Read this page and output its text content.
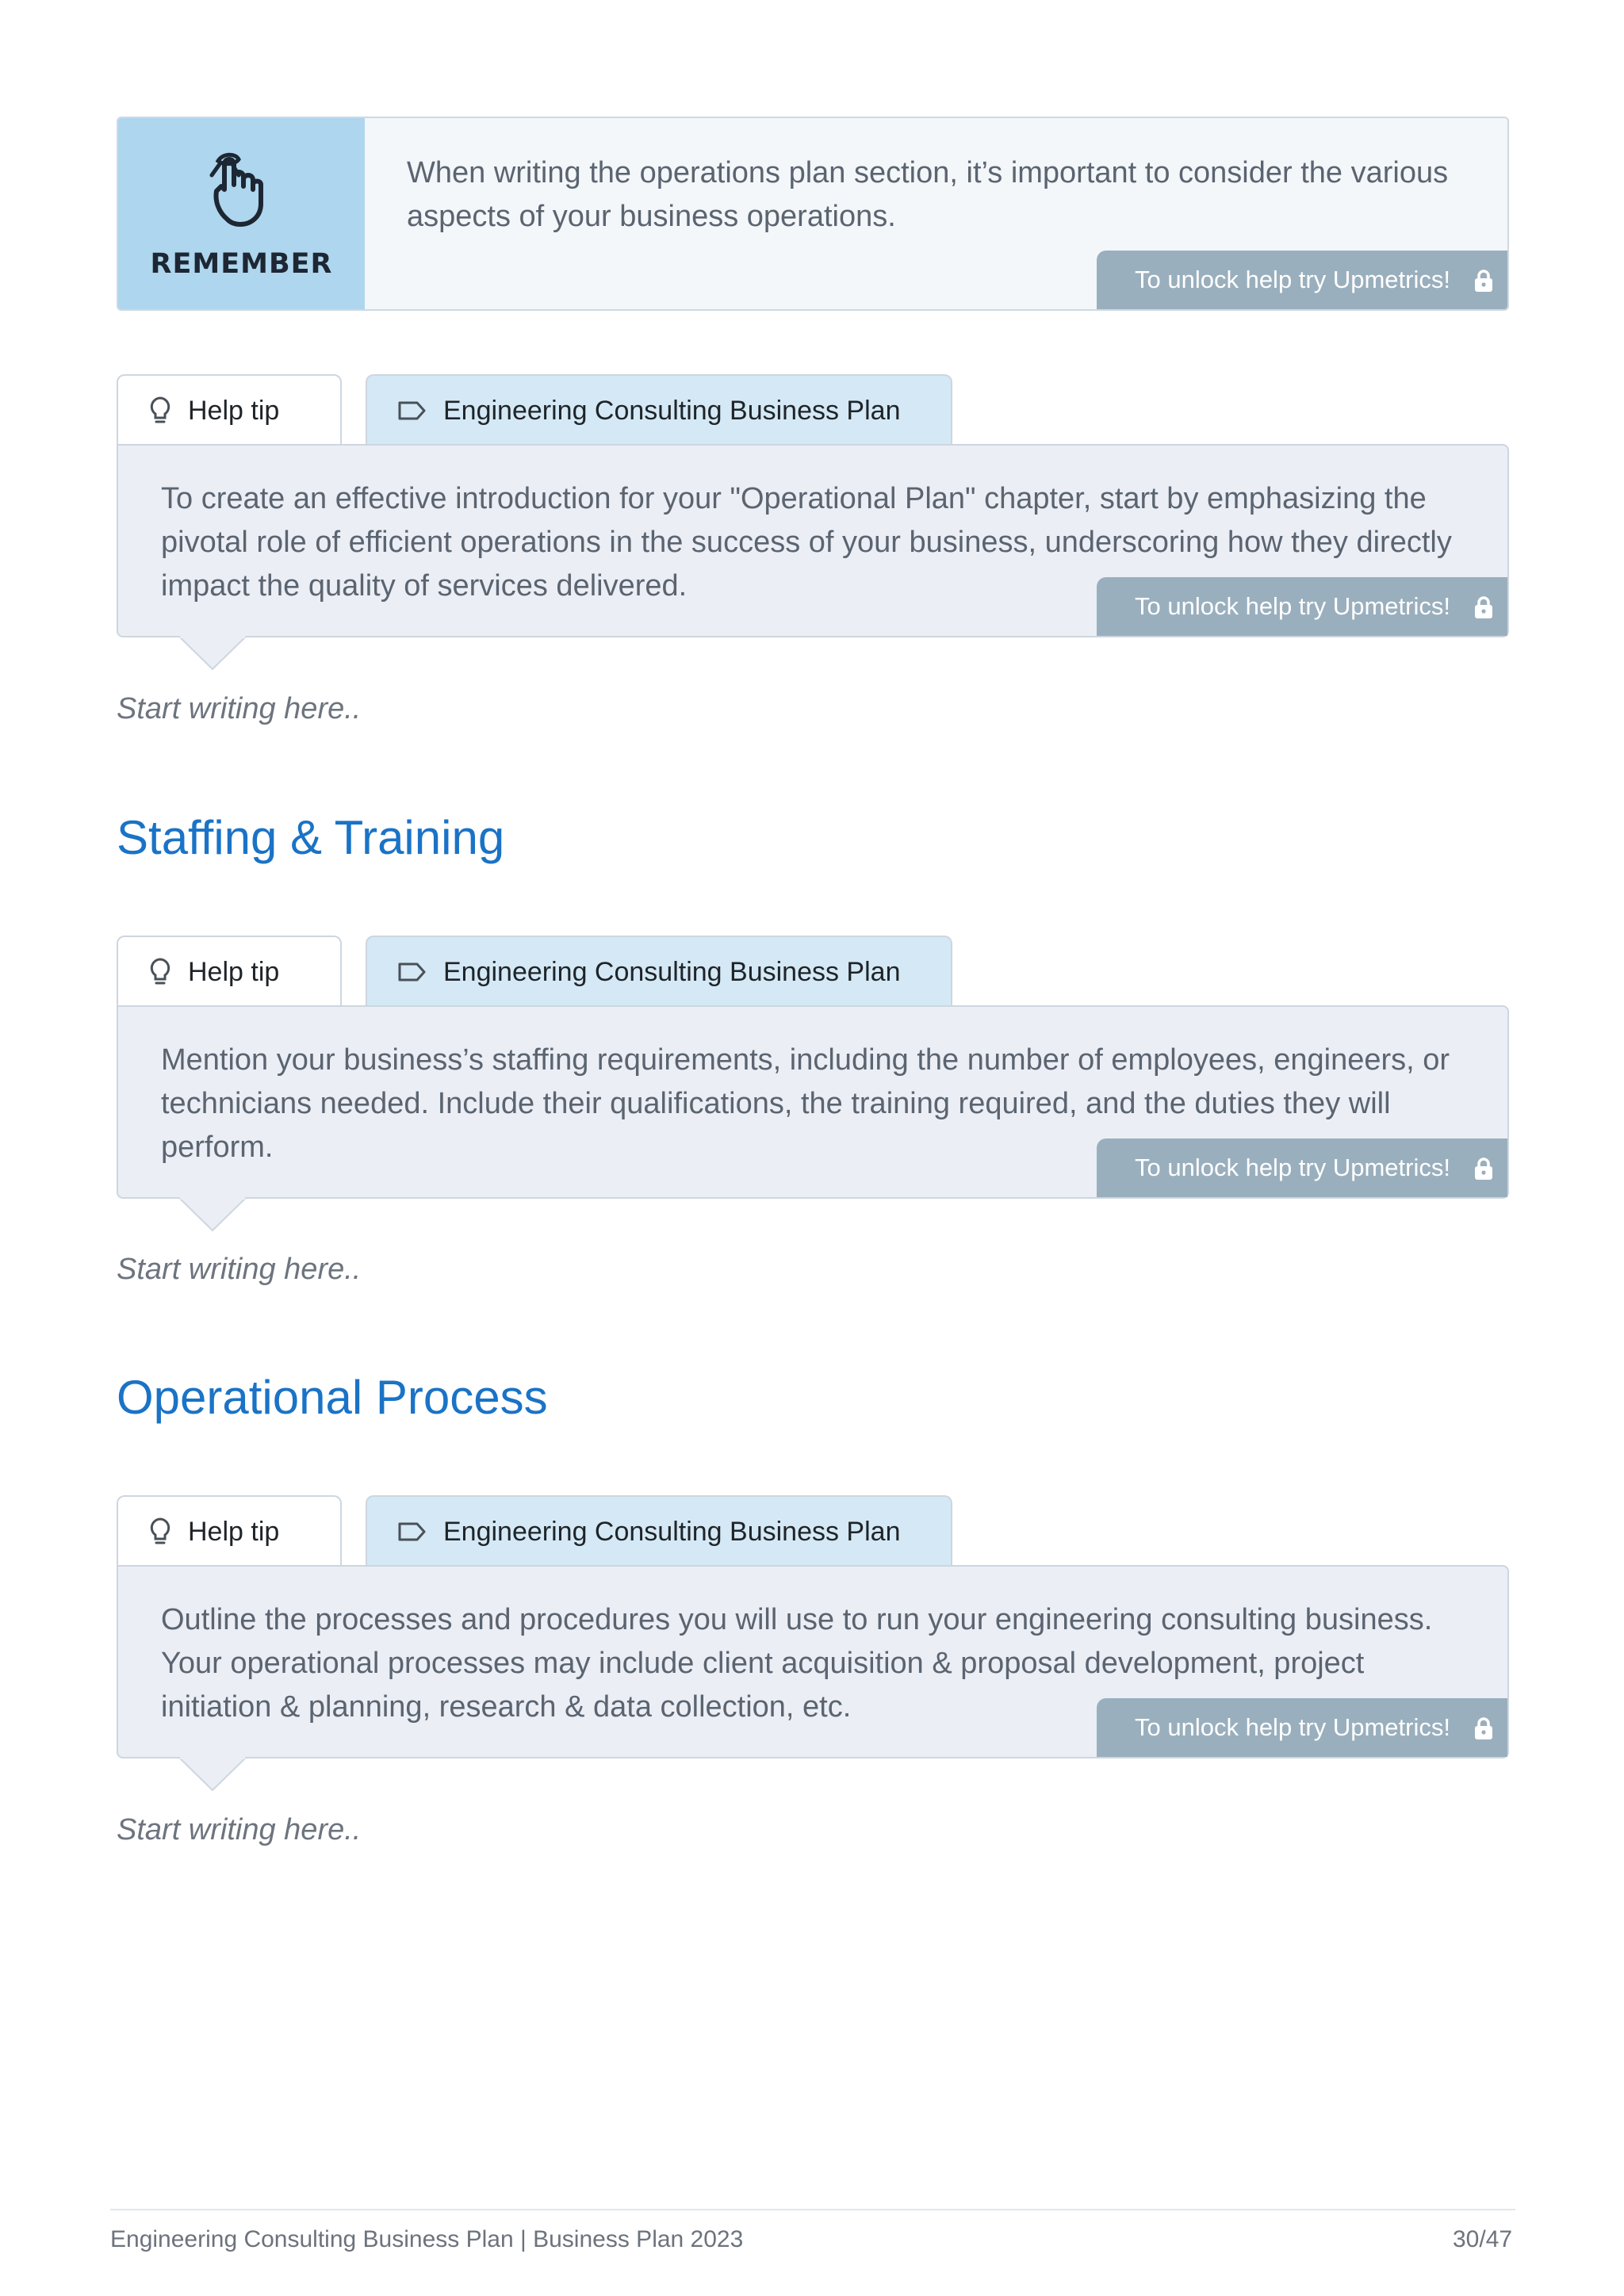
REMEMBER
When writing the operations plan section, it’s important to consider the various aspects of your business operations.
To unlock help try Upmetrics!
Help tip	Engineering Consulting Business Plan
To create an effective introduction for your "Operational Plan" chapter, start by emphasizing the pivotal role of efficient operations in the success of your business, underscoring how they directly impact the quality of services delivered.
To unlock help try Upmetrics!
Start writing here..
Staffing & Training
Help tip	Engineering Consulting Business Plan
Mention your business’s staffing requirements, including the number of employees, engineers, or technicians needed. Include their qualifications, the training required, and the duties they will perform.
To unlock help try Upmetrics!
Start writing here..
Operational Process
Help tip	Engineering Consulting Business Plan
Outline the processes and procedures you will use to run your engineering consulting business. Your operational processes may include client acquisition & proposal development, project initiation & planning, research & data collection, etc.
To unlock help try Upmetrics!
Start writing here..
Engineering Consulting Business Plan | Business Plan 2023	30/47
